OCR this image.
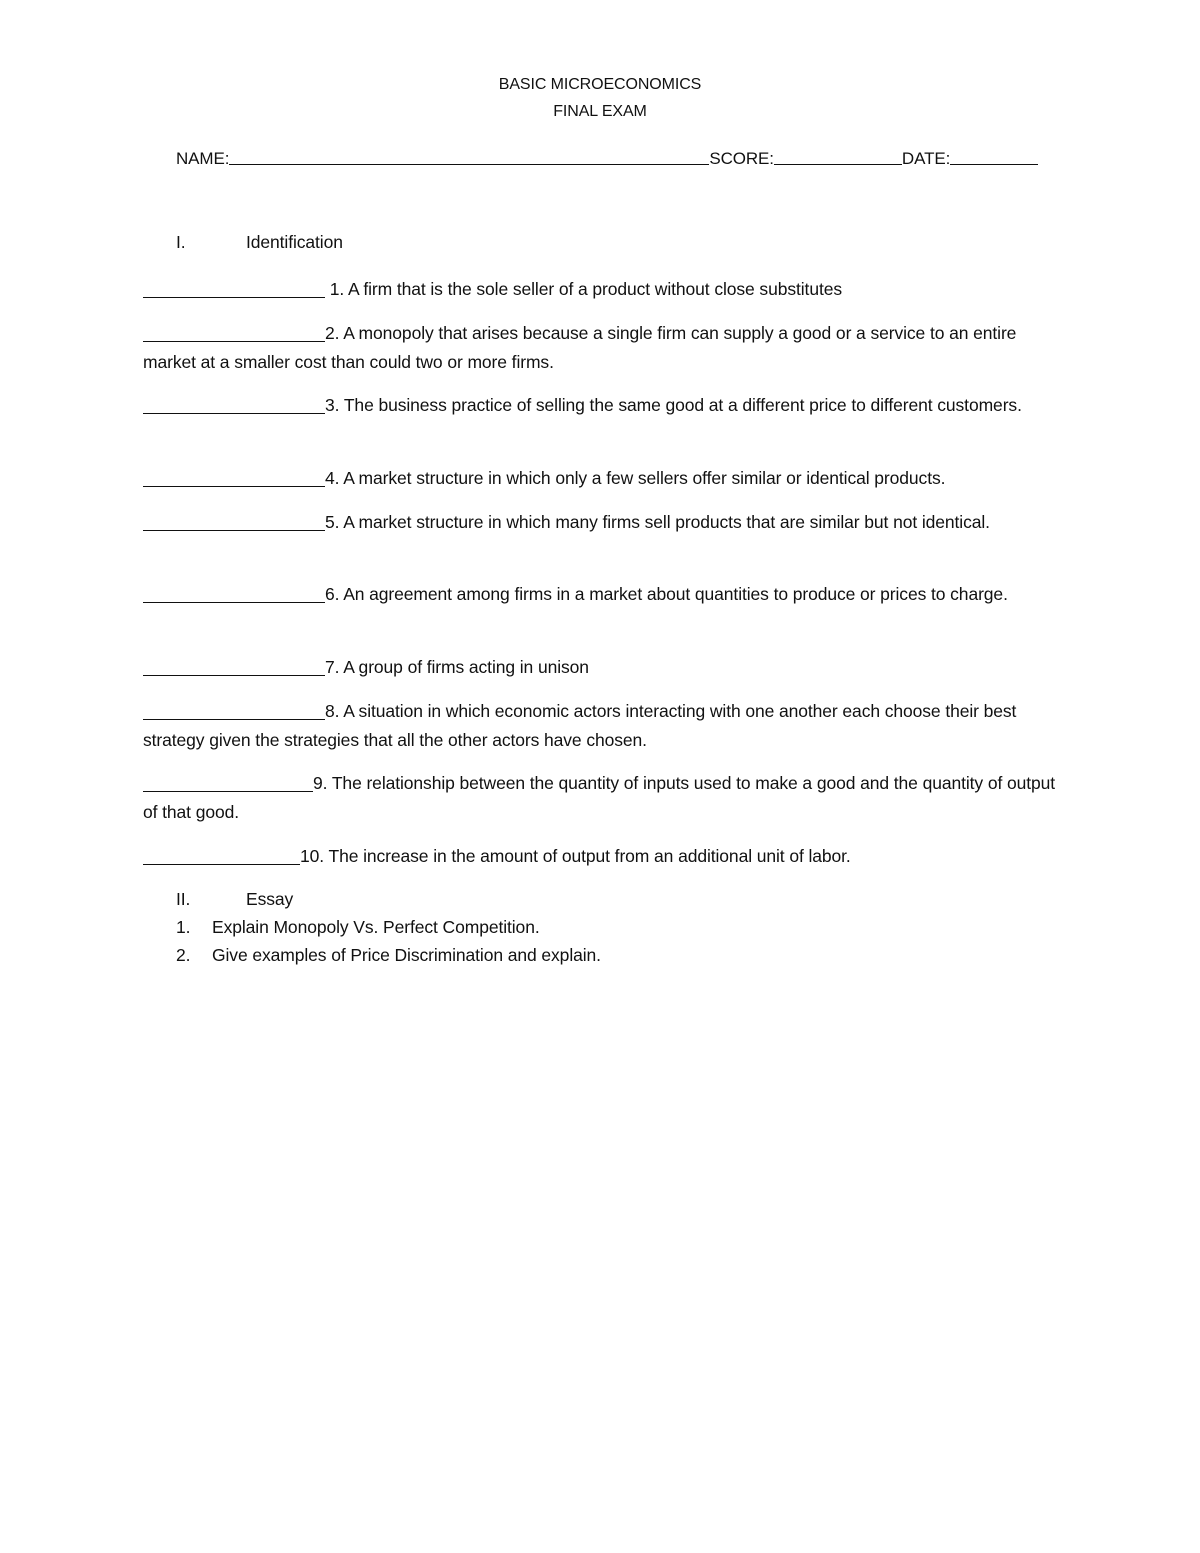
BASIC MICROECONOMICS
FINAL EXAM
NAME:	SCORE:	DATE:
I.	Identification
1. A firm that is the sole seller of a product without close substitutes
2. A monopoly that arises because a single firm can supply a good or a service to an entire market at a smaller cost than could two or more firms.
3. The business practice of selling the same good at a different price to different customers.
4. A market structure in which only a few sellers offer similar or identical products.
5. A market structure in which many firms sell products that are similar but not identical.
6. An agreement among firms in a market about quantities to produce or prices to charge.
7. A group of firms acting in unison
8. A situation in which economic actors interacting with one another each choose their best strategy given the strategies that all the other actors have chosen.
9. The relationship between the quantity of inputs used to make a good and the quantity of output of that good.
10. The increase in the amount of output from an additional unit of labor.
II.	Essay
1. Explain Monopoly Vs. Perfect Competition.
2. Give examples of Price Discrimination and explain.
